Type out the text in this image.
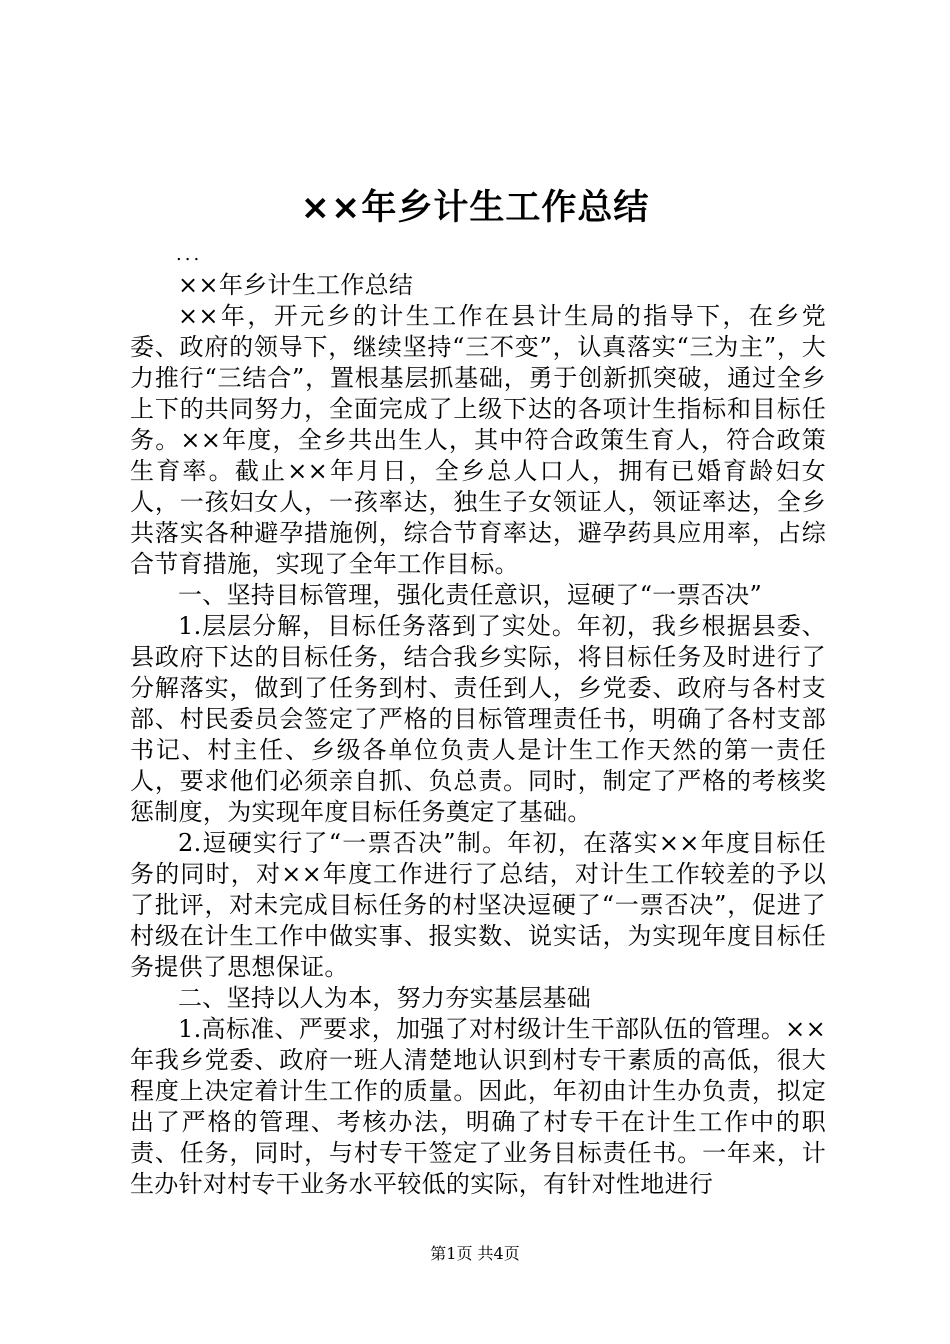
××年乡计生工作总结
...

××年乡计生工作总结

××年，开元乡的计生工作在县计生局的指导下，在乡党委、政府的领导下，继续坚持“三不变”，认真落实“三为主”，大力推行“三结合”，置根基层抓基础，勇于创新抓突破，通过全乡上下的共同努力，全面完成了上级下达的各项计生指标和目标任务。××年度，全乡共出生人，其中符合政策生育人，符合政策生育率。截止××年月日，全乡总人口人，拥有已婚育龄妇女人，一孩妇女人，一孩率达，独生子女领证人，领证率达，全乡共落实各种避孕措施例，综合节育率达，避孕药具应用率，占综合节育措施，实现了全年工作目标。

一、坚持目标管理，强化责任意识，逗硬了“一票否决”

1.层层分解，目标任务落到了实处。年初，我乡根据县委、县政府下达的目标任务，结合我乡实际，将目标任务及时进行了分解落实，做到了任务到村、责任到人，乡党委、政府与各村支部、村民委员会签定了严格的目标管理责任书，明确了各村支部书记、村主任、乡级各单位负责人是计生工作天然的第一责任人，要求他们必须亲自抓、负总责。同时，制定了严格的考核奖惩制度，为实现年度目标任务奠定了基础。

2.逗硬实行了“一票否决”制。年初，在落实××年度目标任务的同时，对××年度工作进行了总结，对计生工作较差的予以了批评，对未完成目标任务的村坚决逗硬了“一票否决”，促进了村级在计生工作中做实事、报实数、说实话，为实现年度目标任务提供了思想保证。

二、坚持以人为本，努力夯实基层基础

1.高标准、严要求，加强了对村级计生干部队伍的管理。××年我乡党委、政府一班人清楚地认识到村专干素质的高低，很大程度上决定着计生工作的质量。因此，年初由计生办负责，拟定出了严格的管理、考核办法，明确了村专干在计生工作中的职责、任务，同时，与村专干签定了业务目标责任书。一年来，计生办针对村专干业务水平较低的实际，有针对性地进行

第1页 共4页
